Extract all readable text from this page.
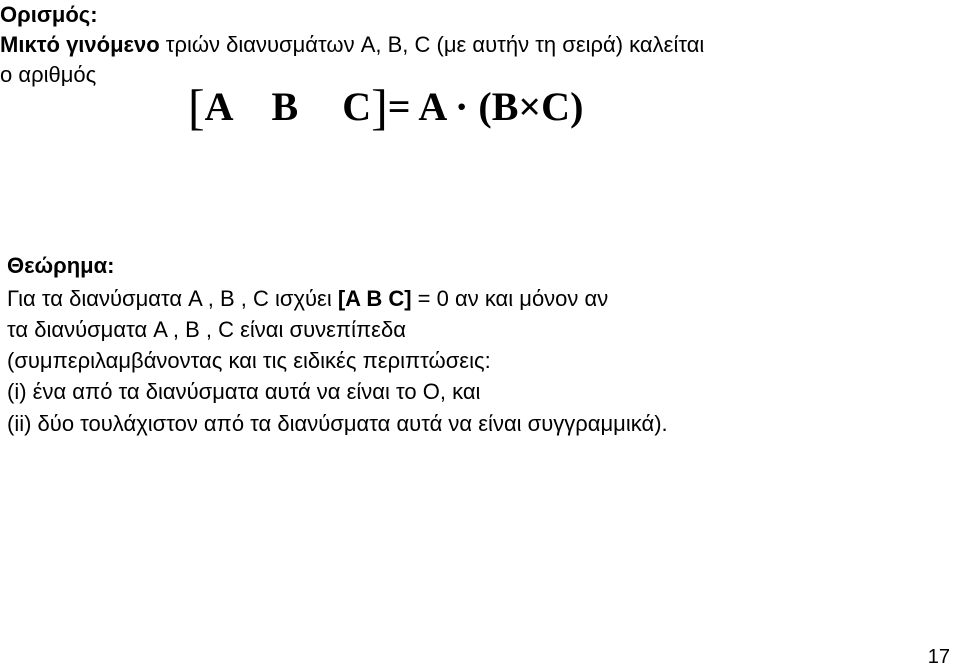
Ορισμός:
Μικτό γινόμενο τριών διανυσμάτων A, B, C (με αυτήν τη σειρά) καλείται
ο αριθμός
[A B C]= A · (B×C)
Θεώρημα:
Για τα διανύσματα A , B , C ισχύει [A B C] = 0 αν και μόνον αν
τα διανύσματα A , B , C είναι συνεπίπεδα
(συμπεριλαμβάνοντας και τις ειδικές περιπτώσεις:
(i) ένα από τα διανύσματα αυτά να είναι το O, και
(ii) δύο τουλάχιστον από τα διανύσματα αυτά να είναι συγγραμμικά).
17
